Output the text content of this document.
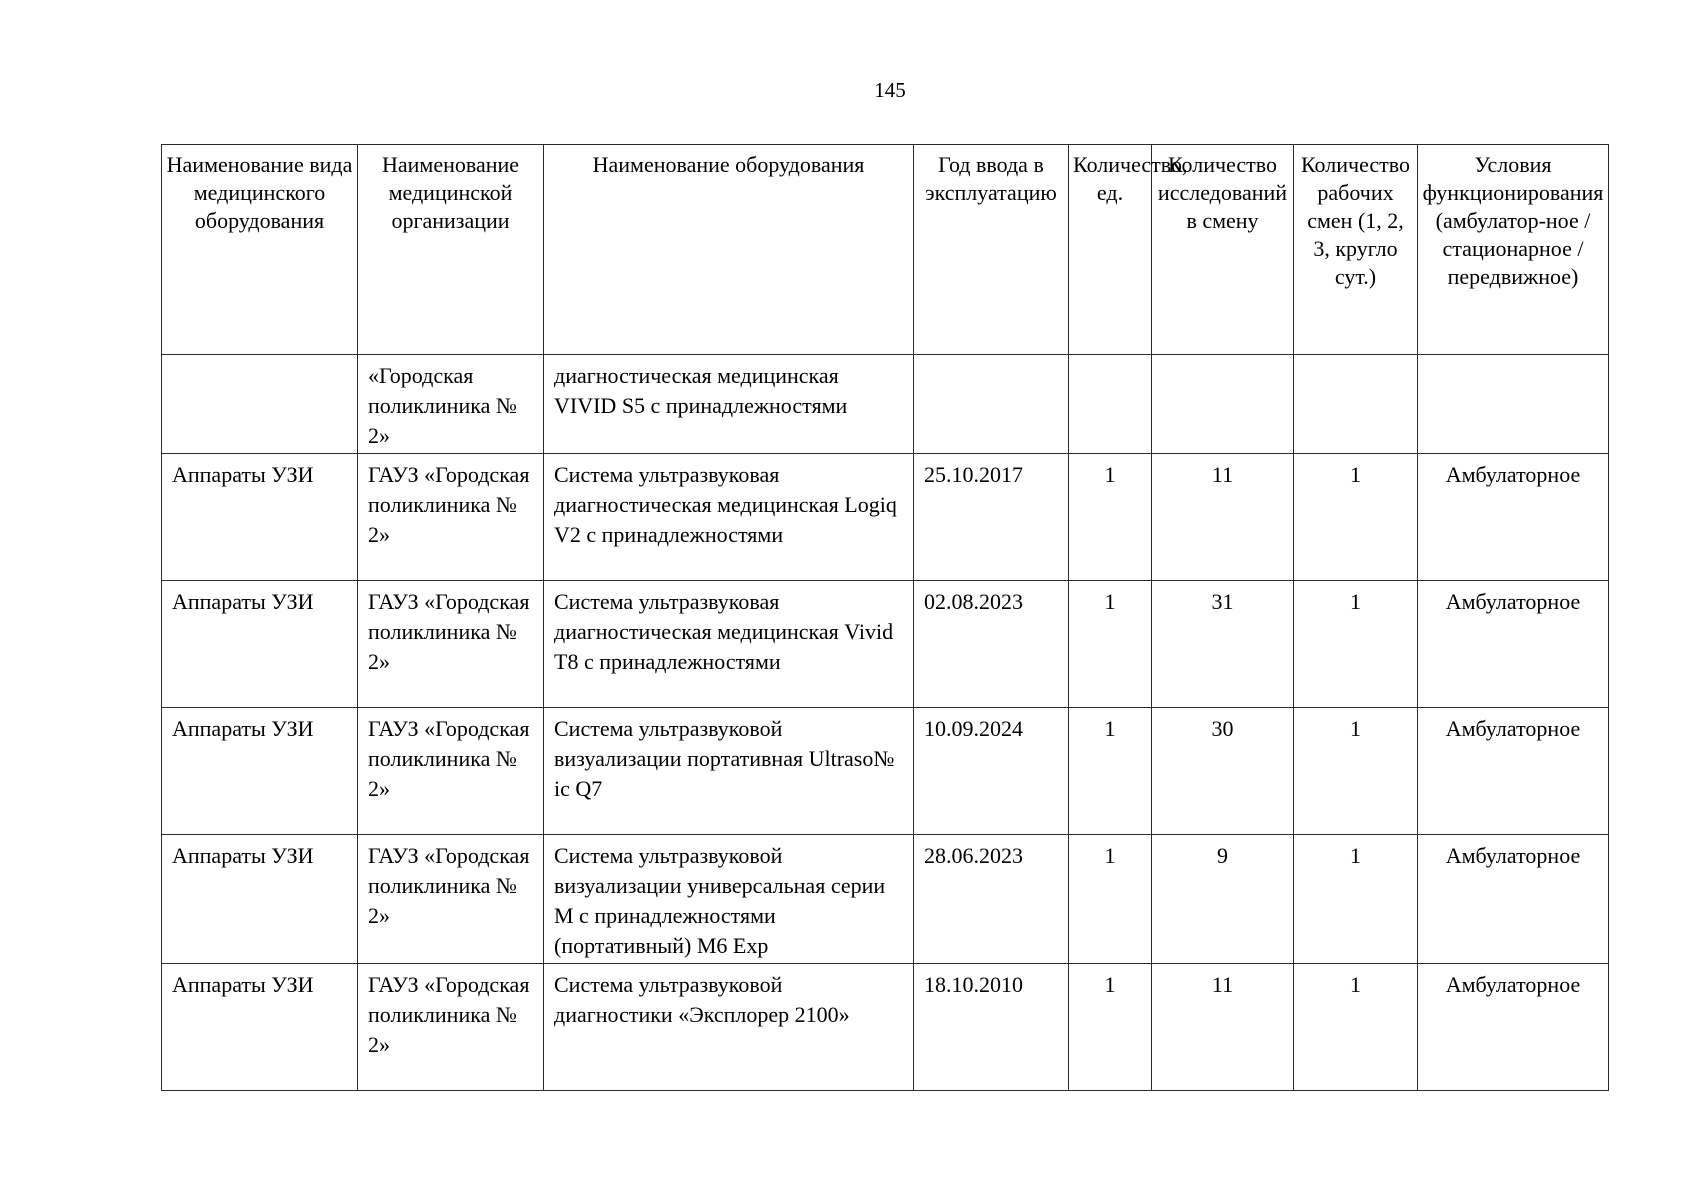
145
Наименование вида медицинского оборудования	Наименование медицинской организации	Наименование оборудования	Год ввода в эксплуатацию	Количество, ед.	Количество исследований в смену	Количество рабочих смен (1, 2, 3, кругло сут.)	Условия функционирования (амбулатор-ное / стационарное / передвижное)
	«Городская поликлиника № 2»	диагностическая медицинская VIVID S5 с принадлежностями					
Аппараты УЗИ	ГАУЗ «Городская поликлиника № 2»	Система ультразвуковая диагностическая медицинская Logiq V2 с принадлежностями	25.10.2017	1	11	1	Амбулаторное
Аппараты УЗИ	ГАУЗ «Городская поликлиника № 2»	Система ультразвуковая диагностическая медицинская Vivid T8 с принадлежностями	02.08.2023	1	31	1	Амбулаторное
Аппараты УЗИ	ГАУЗ «Городская поликлиника № 2»	Система ультразвуковой визуализации портативная Ultraso№ ic Q7	10.09.2024	1	30	1	Амбулаторное
Аппараты УЗИ	ГАУЗ «Городская поликлиника № 2»	Система ультразвуковой визуализации универсальная серии М с принадлежностями (портативный) М6 Exp	28.06.2023	1	9	1	Амбулаторное
Аппараты УЗИ	ГАУЗ «Городская поликлиника № 2»	Система ультразвуковой диагностики «Эксплорер 2100»	18.10.2010	1	11	1	Амбулаторное
